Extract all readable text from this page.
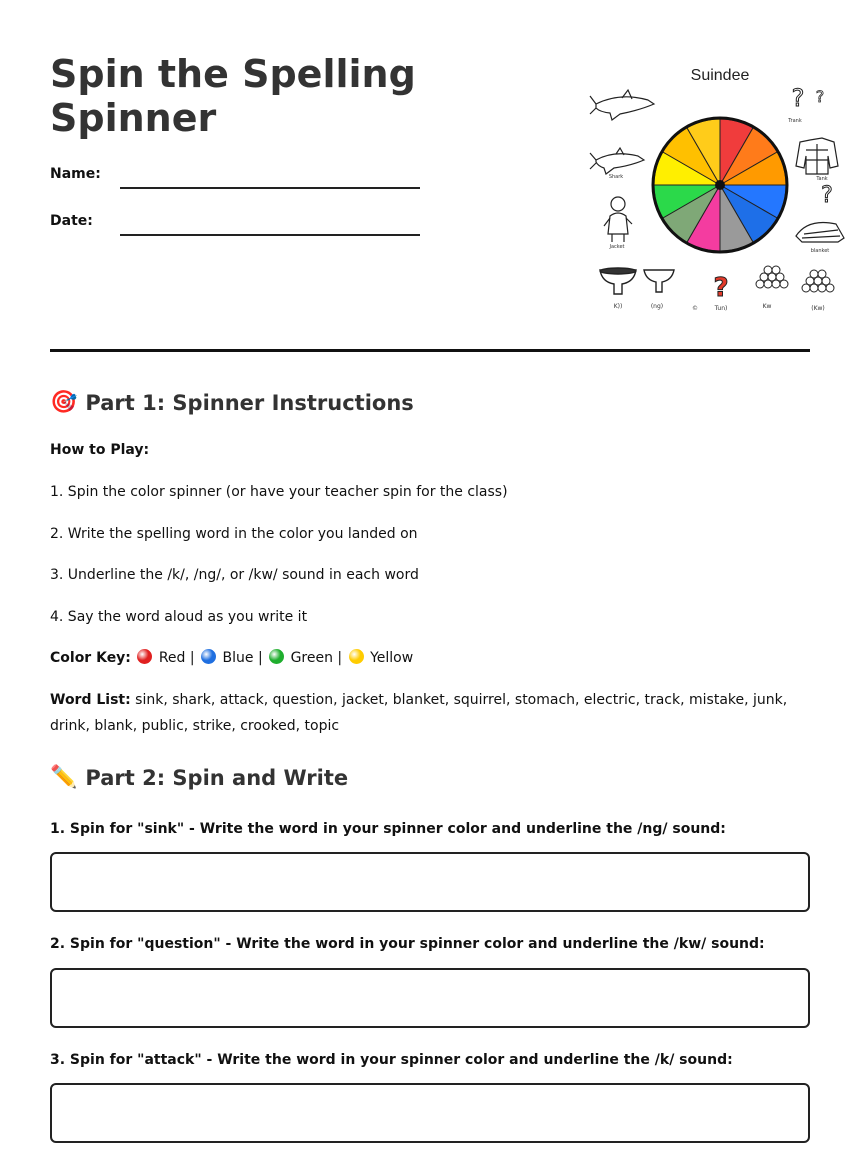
Spin the Spelling Spinner
Name:
Date:
Suindee
Shark
Jacket
? ?
Trank
Tank
?
blanket
K))	(ng)	©
?
Tun)	Kw	(Kw)
🎯 Part 1: Spinner Instructions
How to Play:
1. Spin the color spinner (or have your teacher spin for the class)
2. Write the spelling word in the color you landed on
3. Underline the /k/, /ng/, or /kw/ sound in each word
4. Say the word aloud as you write it
Color Key: Red |  Blue |  Green |  Yellow
Word List: sink, shark, attack, question, jacket, blanket, squirrel, stomach, electric, track, mistake, junk, drink, blank, public, strike, crooked, topic
✏️ Part 2: Spin and Write
1. Spin for "sink" - Write the word in your spinner color and underline the /ng/ sound:
2. Spin for "question" - Write the word in your spinner color and underline the /kw/ sound:
3. Spin for "attack" - Write the word in your spinner color and underline the /k/ sound:
